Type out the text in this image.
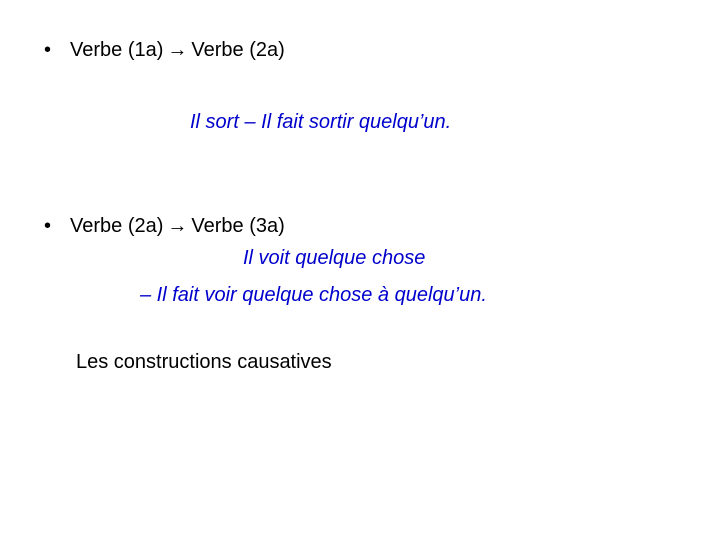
• Verbe (1a) → Verbe (2a)
Il sort – Il fait sortir quelqu’un.
• Verbe (2a) → Verbe (3a)
Il voit quelque chose
– Il fait voir quelque chose à quelqu’un.
Les constructions causatives
